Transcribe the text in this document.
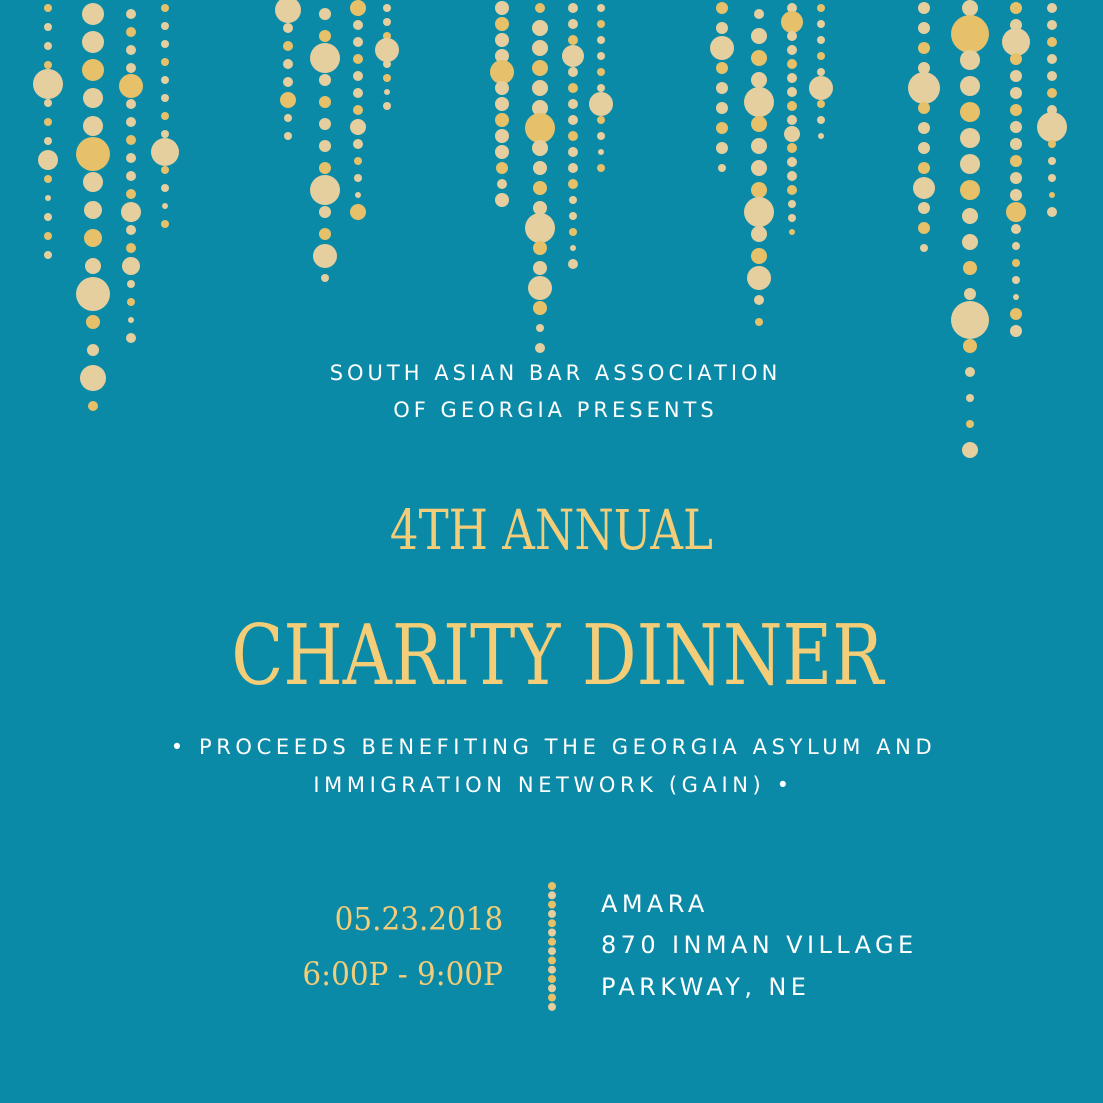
SOUTH ASIAN BAR ASSOCIATION
OF GEORGIA PRESENTS
4TH ANNUAL
CHARITY DINNER
• PROCEEDS BENEFITING THE GEORGIA ASYLUM AND
IMMIGRATION NETWORK (GAIN) •
05.23.2018
6:00P - 9:00P
AMARA
870 INMAN VILLAGE
PARKWAY, NE
